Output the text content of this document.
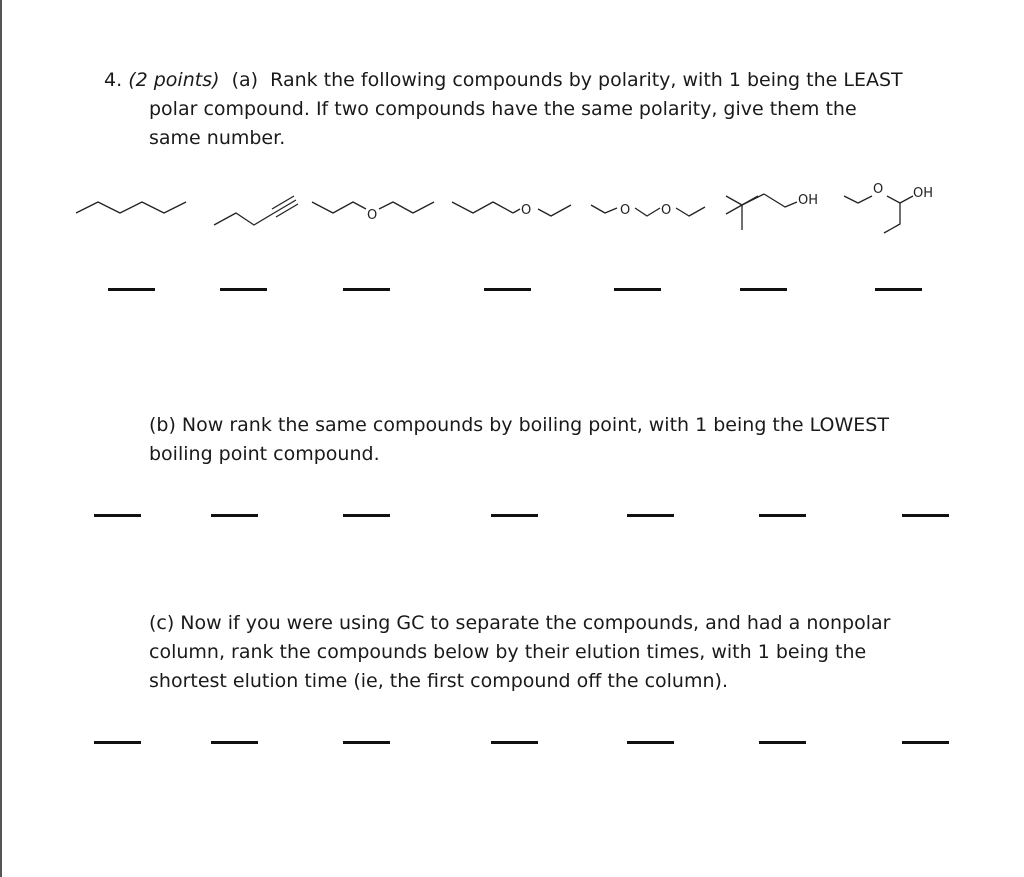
4. (2 points) (a) Rank the following compounds by polarity, with 1 being the LEAST
polar compound. If two compounds have the same polarity, give them the
same number.
O	O	O O
OH
O OH
(b) Now rank the same compounds by boiling point, with 1 being the LOWEST
boiling point compound.
(c) Now if you were using GC to separate the compounds, and had a nonpolar
column, rank the compounds below by their elution times, with 1 being the
shortest elution time (ie, the first compound off the column).
